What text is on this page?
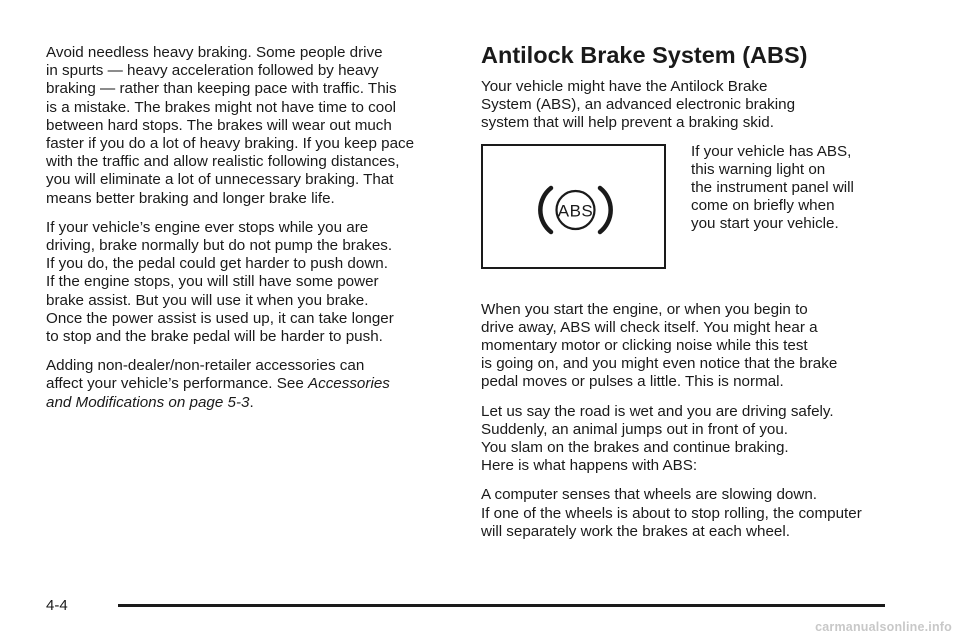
Avoid needless heavy braking. Some people drive
in spurts — heavy acceleration followed by heavy
braking — rather than keeping pace with traffic. This
is a mistake. The brakes might not have time to cool
between hard stops. The brakes will wear out much
faster if you do a lot of heavy braking. If you keep pace
with the traffic and allow realistic following distances,
you will eliminate a lot of unnecessary braking. That
means better braking and longer brake life.

If your vehicle’s engine ever stops while you are
driving, brake normally but do not pump the brakes.
If you do, the pedal could get harder to push down.
If the engine stops, you will still have some power
brake assist. But you will use it when you brake.
Once the power assist is used up, it can take longer
to stop and the brake pedal will be harder to push.

Adding non-dealer/non-retailer accessories can
affect your vehicle’s performance. See Accessories
and Modifications on page 5-3.

Antilock Brake System (ABS)

Your vehicle might have the Antilock Brake
System (ABS), an advanced electronic braking
system that will help prevent a braking skid.

ABS

If your vehicle has ABS,
this warning light on
the instrument panel will
come on briefly when
you start your vehicle.

When you start the engine, or when you begin to
drive away, ABS will check itself. You might hear a
momentary motor or clicking noise while this test
is going on, and you might even notice that the brake
pedal moves or pulses a little. This is normal.

Let us say the road is wet and you are driving safely.
Suddenly, an animal jumps out in front of you.
You slam on the brakes and continue braking.
Here is what happens with ABS:

A computer senses that wheels are slowing down.
If one of the wheels is about to stop rolling, the computer
will separately work the brakes at each wheel.

4-4
carmanualsonline.info
